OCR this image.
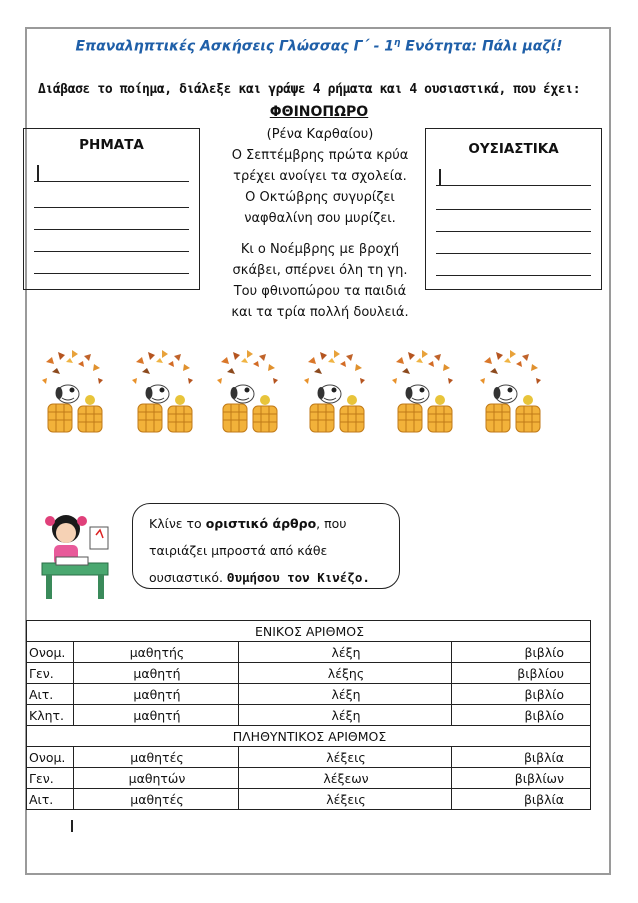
Επαναληπτικές Ασκήσεις Γλώσσας $\Gamma΄ - 1^\eta$ Ενότητα: Πάλι μαζί!
Διάβασε το ποίημα, διάλεξε και γράψε 4 ρήματα και 4 ουσιαστικά, που έχει:
ΦΘΙΝΟΠΩΡΟ
(Ρένα Καρθαίου)
Ο Σεπτέμβρης πρώτα κρύα
τρέχει ανοίγει τα σχολεία.
Ο Οκτώβρης συγυρίζει
ναφθαλίνη σου μυρίζει.
Κι ο Νοέμβρης με βροχή
σκάβει, σπέρνει όλη τη γη.
Του φθινοπώρου τα παιδιά
και τα τρία πολλή δουλειά.
ΡΗΜΑΤΑ	ΟΥΣΙΑΣΤΙΚΑ
Κλίνε το οριστικό άρθρο, που
ταιριάζει μπροστά από κάθε
ουσιαστικό. Θυμήσου τον Κινέζο.
ΕΝΙΚΟΣ ΑΡΙΘΜΟΣ			
Ονομ.	μαθητής	λέξη	βιβλίο
Γεν.	μαθητή	λέξης	βιβλίου
Αιτ.	μαθητή	λέξη	βιβλίο
Κλητ.	μαθητή	λέξη	βιβλίο
ΠΛΗΘΥΝΤΙΚΟΣ ΑΡΙΘΜΟΣ			
Ονομ.	μαθητές	λέξεις	βιβλία
Γεν.	μαθητών	λέξεων	βιβλίων
Αιτ.	μαθητές	λέξεις	βιβλία
